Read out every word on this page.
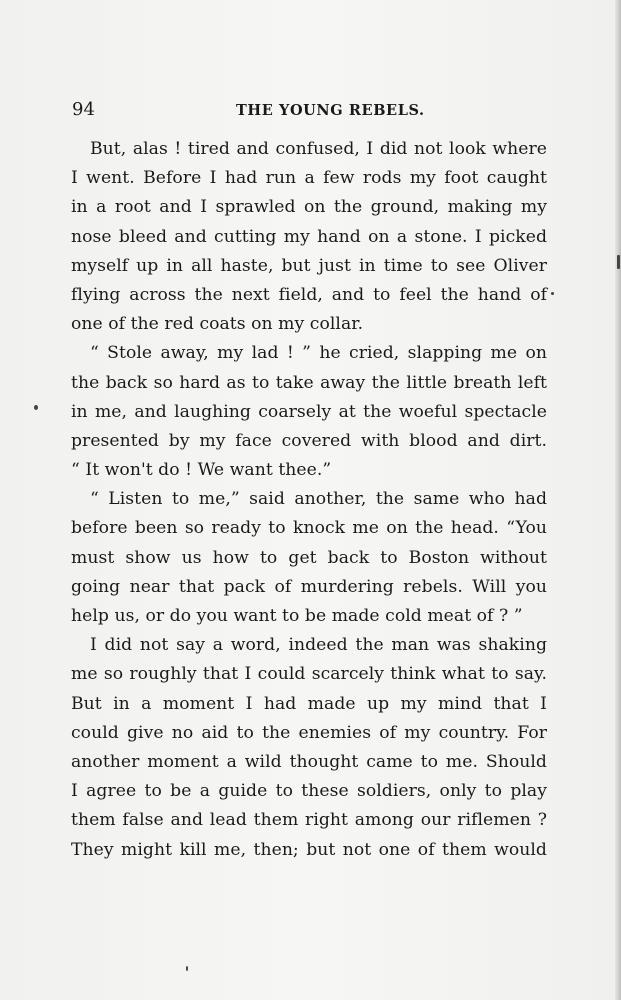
94	THE YOUNG REBELS.
But, alas ! tired and confused, I did not look where
I went. Before I had run a few rods my foot caught
in a root and I sprawled on the ground, making my
nose bleed and cutting my hand on a stone. I picked
myself up in all haste, but just in time to see Oliver
flying across the next field, and to feel the hand of
one of the red coats on my collar.
“ Stole away, my lad ! ” he cried, slapping me on
the back so hard as to take away the little breath left
in me, and laughing coarsely at the woeful spectacle
presented by my face covered with blood and dirt.
“ It won't do ! We want thee.”
“ Listen to me,” said another, the same who had
before been so ready to knock me on the head. “You
must show us how to get back to Boston without
going near that pack of murdering rebels. Will you
help us, or do you want to be made cold meat of ? ”
I did not say a word, indeed the man was shaking
me so roughly that I could scarcely think what to say.
But in a moment I had made up my mind that I
could give no aid to the enemies of my country. For
another moment a wild thought came to me. Should
I agree to be a guide to these soldiers, only to play
them false and lead them right among our riflemen ?
They might kill me, then; but not one of them would
